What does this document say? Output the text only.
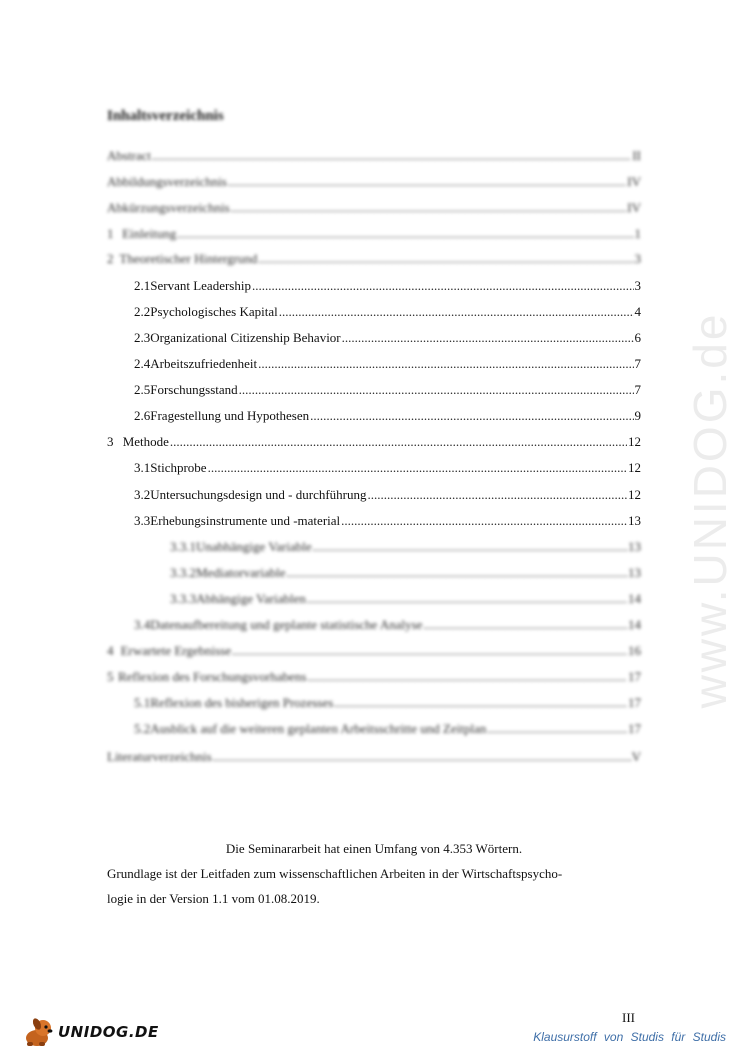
www.UNIDOG.de
Inhaltsverzeichnis
Abstract .....	II
Abbildungsverzeichnis .....	IV
Abkürzungsverzeichnis .....	IV
1 Einleitung .....	1
2 Theoretischer Hintergrund .....	3
2.1 Servant Leadership .....	3
2.2 Psychologisches Kapital .....	4
2.3 Organizational Citizenship Behavior .....	6
2.4 Arbeitszufriedenheit .....	7
2.5 Forschungsstand .....	7
2.6 Fragestellung und Hypothesen .....	9
3 Methode .....	12
3.1 Stichprobe .....	12
3.2 Untersuchungsdesign und - durchführung .....	12
3.3 Erhebungsinstrumente und -material .....	13
3.3.1 Unabhängige Variable .....	13
3.3.2 Mediatorvariable .....	13
3.3.3 Abhängige Variablen .....	14
3.4 Datenaufbereitung und geplante statistische Analyse .....	14
4 Erwartete Ergebnisse .....	16
5 Reflexion des Forschungsvorhabens .....	17
5.1 Reflexion des bisherigen Prozesses .....	17
5.2 Ausblick auf die weiteren geplanten Arbeitsschritte und Zeitplan .....	17
Literaturverzeichnis .....	V
Die Seminararbeit hat einen Umfang von 4.353 Wörtern.
Grundlage ist der Leitfaden zum wissenschaftlichen Arbeiten in der Wirtschaftspsycho-
logie in der Version 1.1 vom 01.08.2019.
III
UNIDOG.DE	Klausurstoff von Studis für Studis
